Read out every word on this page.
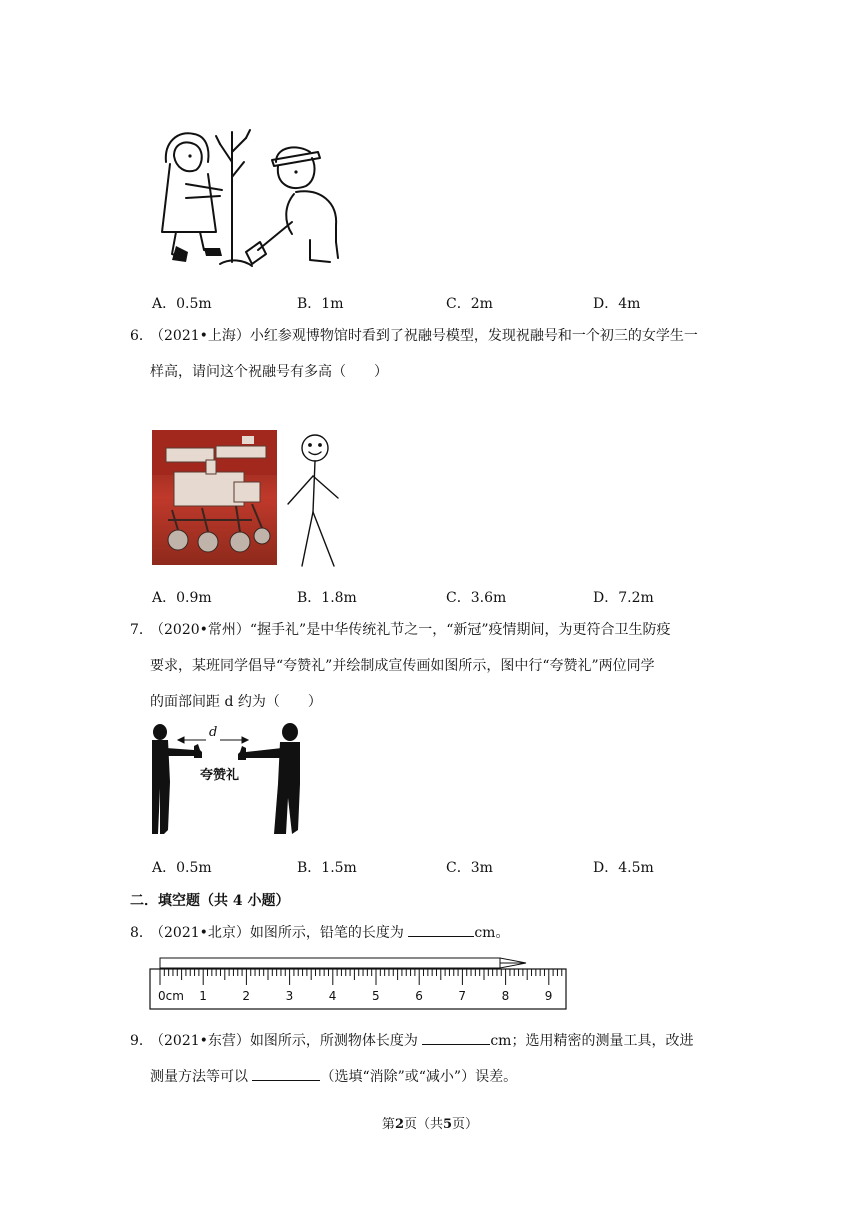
A．0.5m	B．1m	C．2m	D．4m
6．
（2021•上海）小红参观博物馆时看到了祝融号模型，发现祝融号和一个初三的女学生一
样高，请问这个祝融号有多高（　　）
A．0.9m	B．1.8m	C．3.6m	D．7.2m
7．
（2020•常州）“握手礼”是中华传统礼节之一，“新冠”疫情期间，为更符合卫生防疫
要求，某班同学倡导“夸赞礼”并绘制成宣传画如图所示，图中行“夸赞礼”两位同学
的面部间距 d 约为（　　）
d
夸赞礼
A．0.5m	B．1.5m	C．3m	D．4.5m
二．填空题（共 4 小题）
8．
（2021•北京）如图所示，铅笔的长度为	cm。
0cm 1	2	3	4	5	6	7	8	9
9．
（2021•东营）如图所示，所测物体长度为	cm；选用精密的测量工具，改进
测量方法等可以	（选填“消除”或“减小”）误差。
第2页（共5页）
